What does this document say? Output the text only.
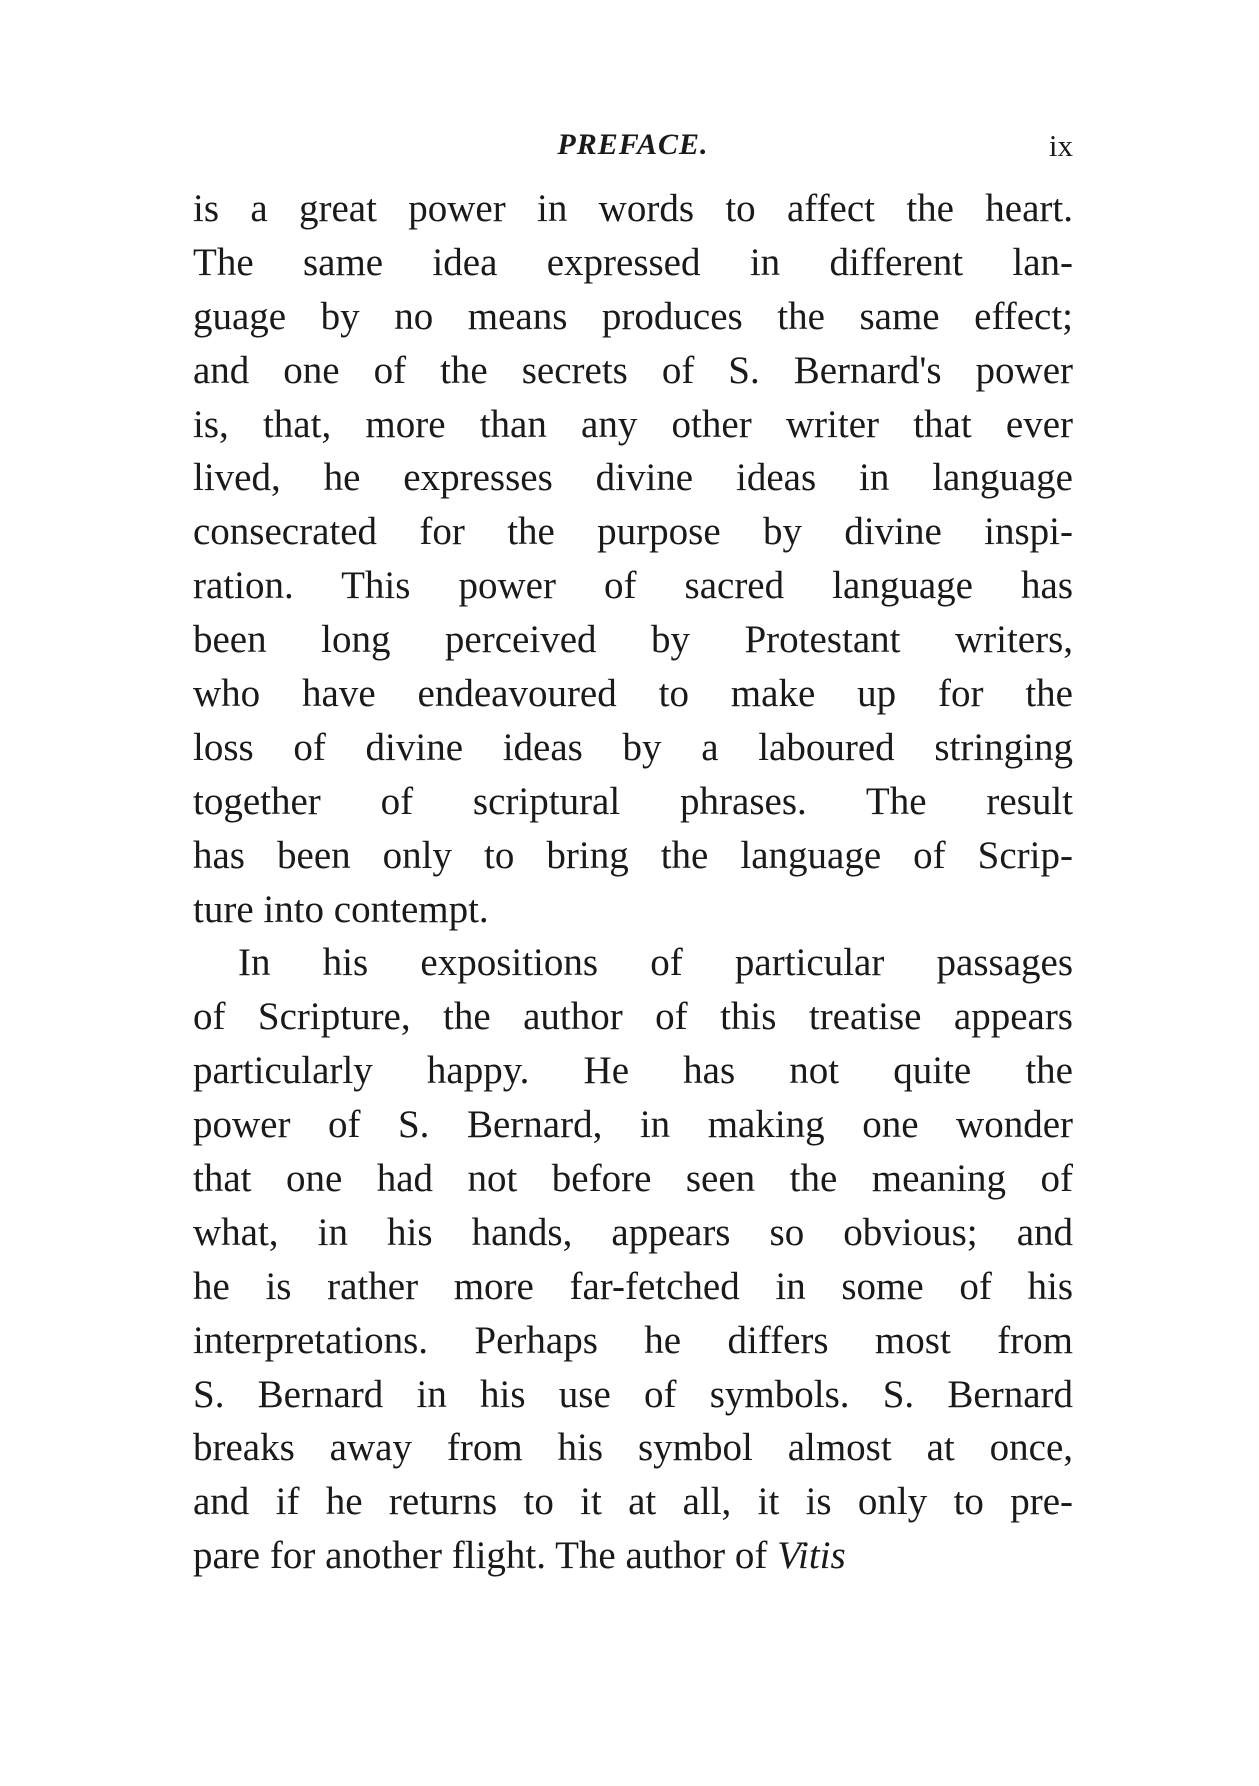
PREFACE.	ix
is a great power in words to affect the heart.
The same idea expressed in different lan-
guage by no means produces the same effect;
and one of the secrets of S. Bernard's power
is, that, more than any other writer that ever
lived, he expresses divine ideas in language
consecrated for the purpose by divine inspi-
ration. This power of sacred language has
been long perceived by Protestant writers,
who have endeavoured to make up for the
loss of divine ideas by a laboured stringing
together of scriptural phrases. The result
has been only to bring the language of Scrip-
ture into contempt.
In his expositions of particular passages
of Scripture, the author of this treatise appears
particularly happy. He has not quite the
power of S. Bernard, in making one wonder
that one had not before seen the meaning of
what, in his hands, appears so obvious; and
he is rather more far-fetched in some of his
interpretations. Perhaps he differs most from
S. Bernard in his use of symbols. S. Bernard
breaks away from his symbol almost at once,
and if he returns to it at all, it is only to pre-
pare for another flight. The author of Vitis
